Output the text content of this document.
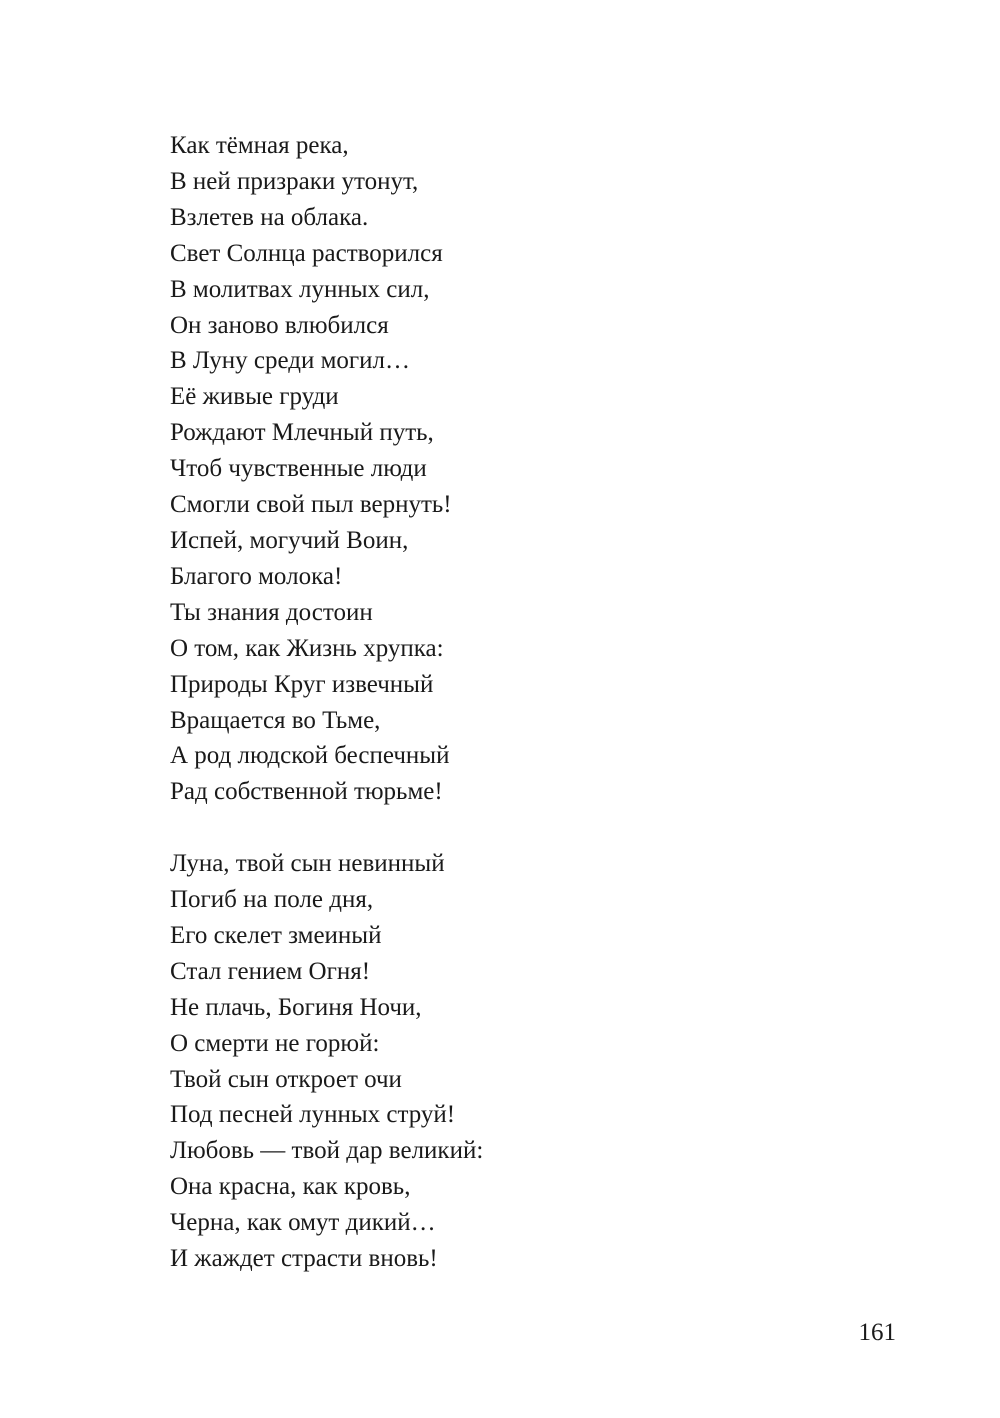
Как тёмная река,
В ней призраки утонут,
Взлетев на облака.
Свет Солнца растворился
В молитвах лунных сил,
Он заново влюбился
В Луну среди могил…
Её живые груди
Рождают Млечный путь,
Чтоб чувственные люди
Смогли свой пыл вернуть!
Испей, могучий Воин,
Благого молока!
Ты знания достоин
О том, как Жизнь хрупка:
Природы Круг извечный
Вращается во Тьме,
А род людской беспечный
Рад собственной тюрьме!
Луна, твой сын невинный
Погиб на поле дня,
Его скелет змеиный
Стал гением Огня!
Не плачь, Богиня Ночи,
О смерти не горюй:
Твой сын откроет очи
Под песней лунных струй!
Любовь — твой дар великий:
Она красна, как кровь,
Черна, как омут дикий…
И жаждет страсти вновь!
161
